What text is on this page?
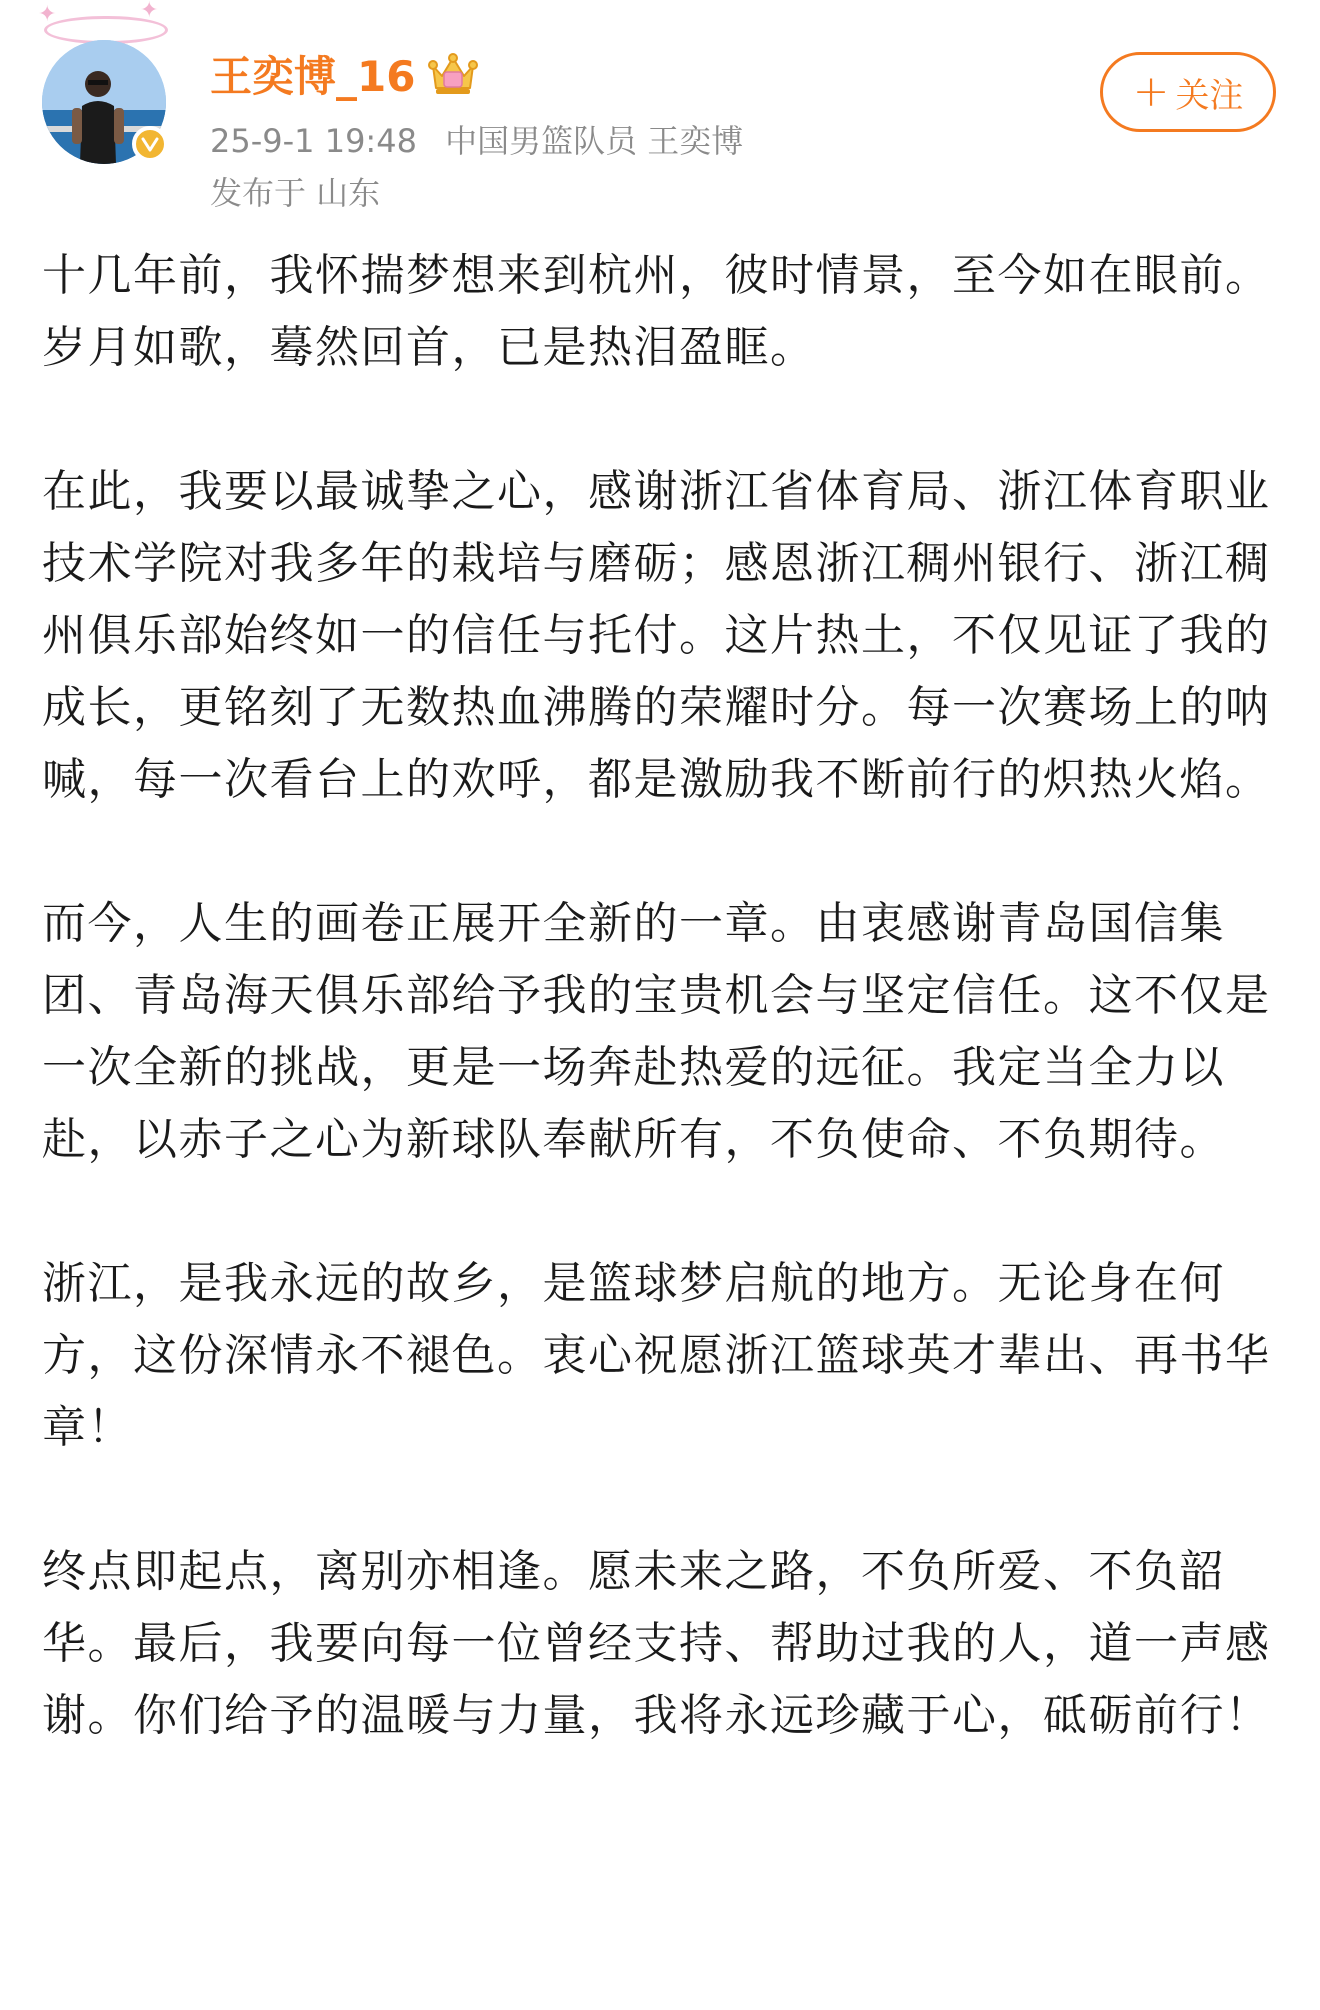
✦	✦
王奕博_16
25-9-1 19:48 中国男篮队员 王奕博
发布于 山东
+ 关注

十几年前，我怀揣梦想来到杭州，彼时情景，至今如在眼前。岁月如歌，蓦然回首，已是热泪盈眶。

在此，我要以最诚挚之心，感谢浙江省体育局、浙江体育职业技术学院对我多年的栽培与磨砺；感恩浙江稠州银行、浙江稠州俱乐部始终如一的信任与托付。这片热土，不仅见证了我的成长，更铭刻了无数热血沸腾的荣耀时分。每一次赛场上的呐喊，每一次看台上的欢呼，都是激励我不断前行的炽热火焰。

而今，人生的画卷正展开全新的一章。由衷感谢青岛国信集团、青岛海天俱乐部给予我的宝贵机会与坚定信任。这不仅是一次全新的挑战，更是一场奔赴热爱的远征。我定当全力以赴，以赤子之心为新球队奉献所有，不负使命、不负期待。

浙江，是我永远的故乡，是篮球梦启航的地方。无论身在何方，这份深情永不褪色。衷心祝愿浙江篮球英才辈出、再书华章！

终点即起点，离别亦相逢。愿未来之路，不负所爱、不负韶华。最后，我要向每一位曾经支持、帮助过我的人，道一声感谢。你们给予的温暖与力量，我将永远珍藏于心，砥砺前行！
